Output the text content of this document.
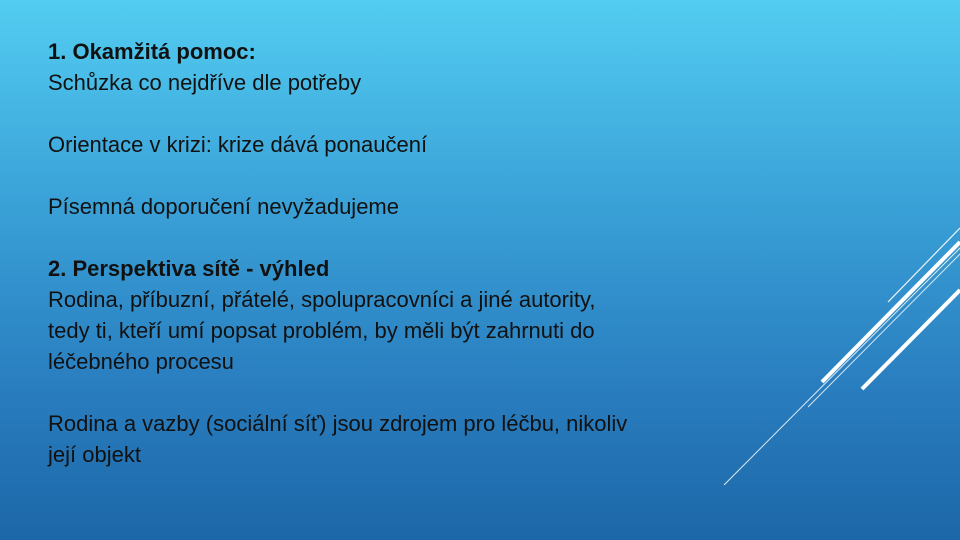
1. Okamžitá pomoc:
Schůzka co nejdříve dle potřeby
Orientace v krizi: krize dává ponaučení
Písemná doporučení nevyžadujeme
2. Perspektiva sítě - výhled
Rodina, příbuzní, přátelé, spolupracovníci a jiné autority,
tedy ti, kteří umí popsat problém, by měli být zahrnuti do
léčebného procesu
Rodina a vazby (sociální síť) jsou zdrojem pro léčbu, nikoliv
její objekt
